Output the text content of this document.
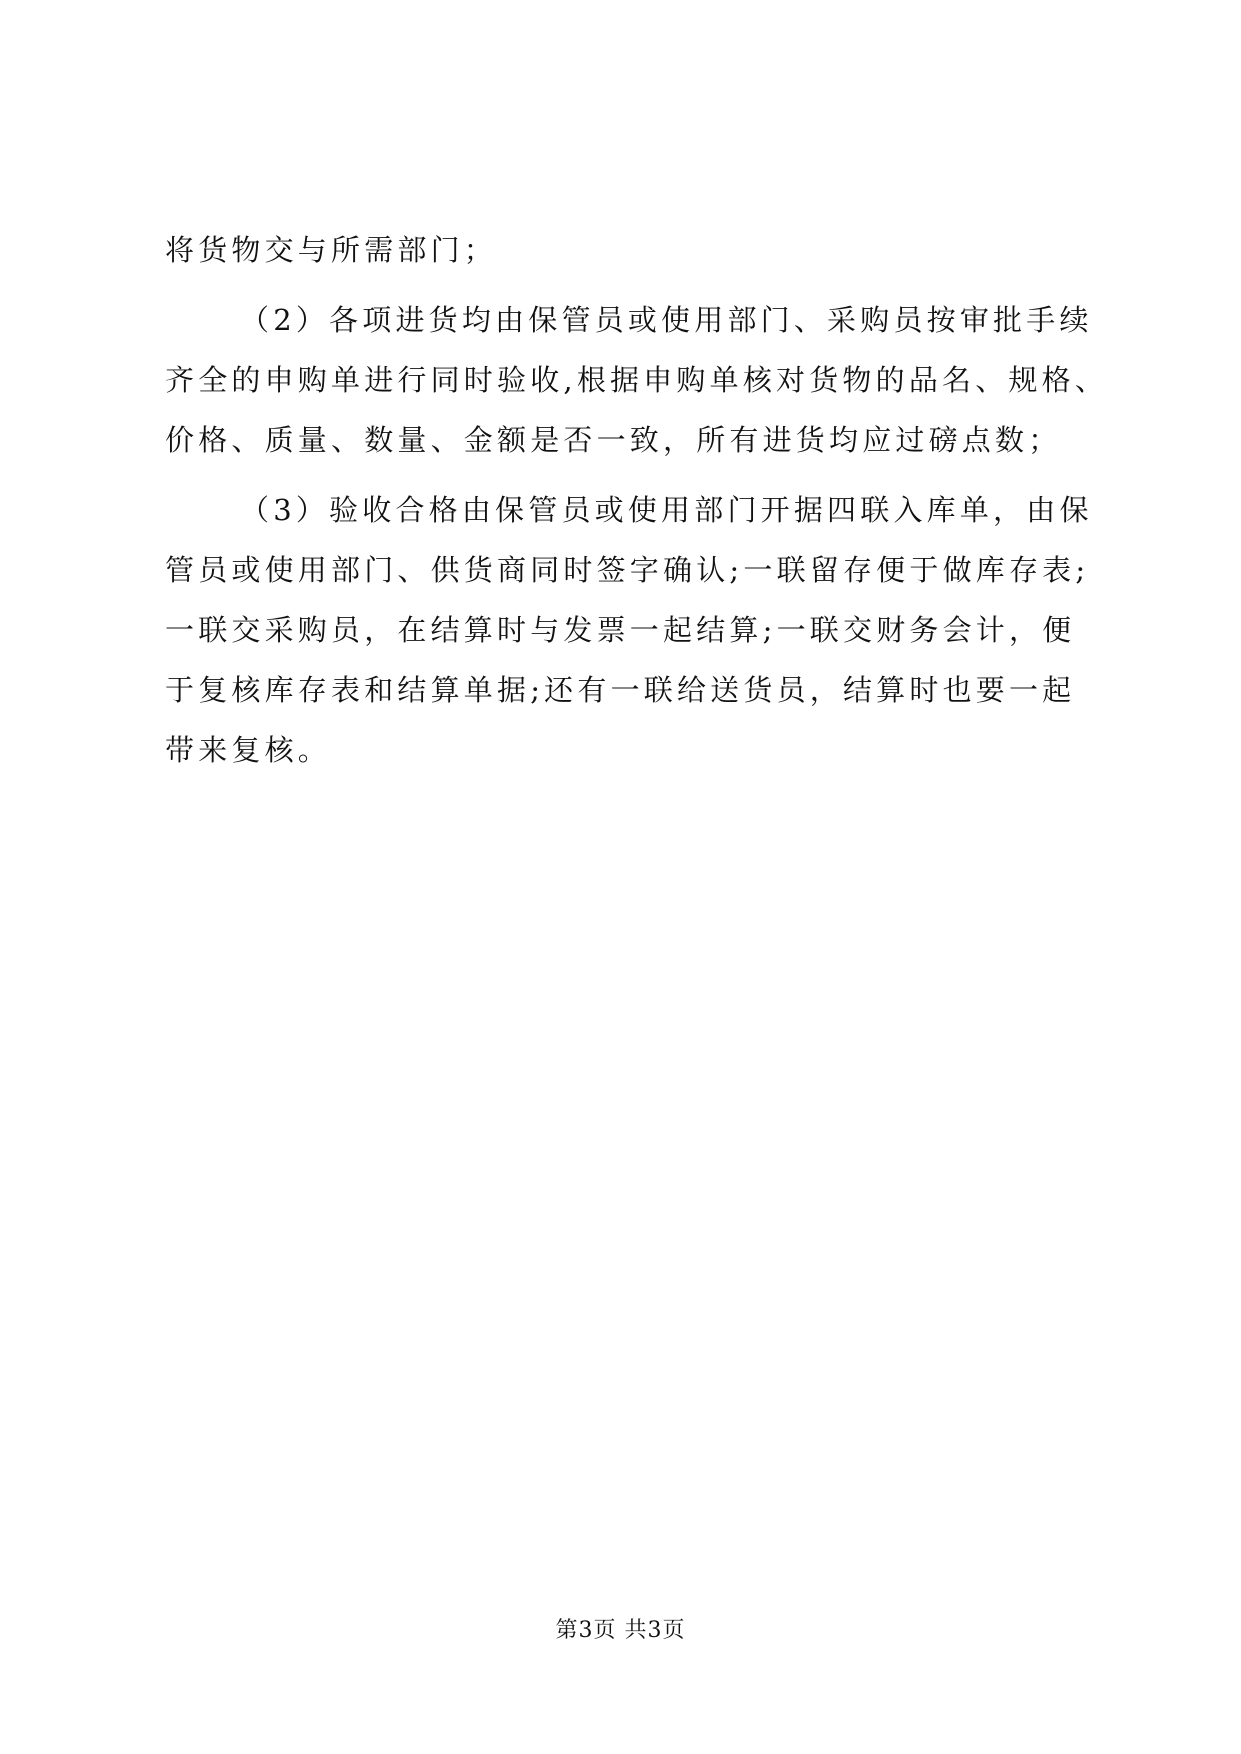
将货物交与所需部门；
（2）各项进货均由保管员或使用部门、采购员按审批手续
齐全的申购单进行同时验收,根据申购单核对货物的品名、规格、
价格、质量、数量、金额是否一致，所有进货均应过磅点数；
（3）验收合格由保管员或使用部门开据四联入库单，由保
管员或使用部门、供货商同时签字确认;一联留存便于做库存表;
一联交采购员，在结算时与发票一起结算;一联交财务会计，便
于复核库存表和结算单据;还有一联给送货员，结算时也要一起
带来复核。
第3页 共3页
